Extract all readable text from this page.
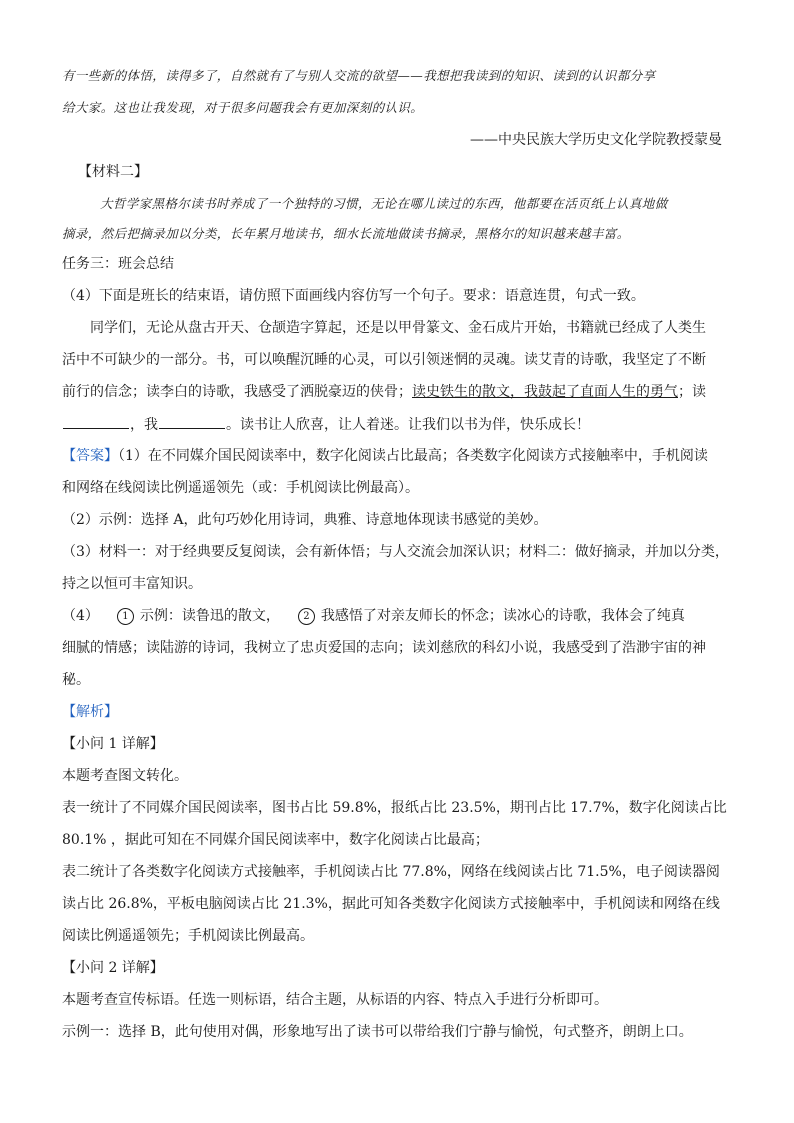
有一些新的体悟，读得多了，自然就有了与别人交流的欲望——我想把我读到的知识、读到的认识都分享
给大家。这也让我发现，对于很多问题我会有更加深刻的认识。
——中央民族大学历史文化学院教授蒙曼
【材料二】
大哲学家黑格尔读书时养成了一个独特的习惯，无论在哪儿读过的东西，他都要在活页纸上认真地做
摘录，然后把摘录加以分类，长年累月地读书，细水长流地做读书摘录，黑格尔的知识越来越丰富。
任务三：班会总结
（4）下面是班长的结束语，请仿照下面画线内容仿写一个句子。要求：语意连贯，句式一致。
同学们，无论从盘古开天、仓颉造字算起，还是以甲骨篆文、金石成片开始，书籍就已经成了人类生
活中不可缺少的一部分。书，可以唤醒沉睡的心灵，可以引领迷惘的灵魂。读艾青的诗歌，我坚定了不断
前行的信念；读李白的诗歌，我感受了洒脱豪迈的侠骨；读史铁生的散文，我鼓起了直面人生的勇气；读
，我	。读书让人欣喜，让人着迷。让我们以书为伴，快乐成长！
【答案】（1）在不同媒介国民阅读率中，数字化阅读占比最高；各类数字化阅读方式接触率中，手机阅读
和网络在线阅读比例遥遥领先（或：手机阅读比例最高）。
（2）示例：选择 A，此句巧妙化用诗词，典雅、诗意地体现读书感觉的美妙。
（3）材料一：对于经典要反复阅读，会有新体悟；与人交流会加深认识；材料二：做好摘录，并加以分类，
持之以恒可丰富知识。
（4） 1 示例：读鲁迅的散文， 2 我感悟了对亲友师长的怀念；读冰心的诗歌，我体会了纯真
细腻的情感；读陆游的诗词，我树立了忠贞爱国的志向；读刘慈欣的科幻小说，我感受到了浩渺宇宙的神
秘。
【解析】
【小问 1 详解】
本题考查图文转化。
表一统计了不同媒介国民阅读率，图书占比 59.8%，报纸占比 23.5%，期刊占比 17.7%，数字化阅读占比
80.1% ，据此可知在不同媒介国民阅读率中，数字化阅读占比最高；
表二统计了各类数字化阅读方式接触率，手机阅读占比 77.8%，网络在线阅读占比 71.5%，电子阅读器阅
读占比 26.8%，平板电脑阅读占比 21.3%，据此可知各类数字化阅读方式接触率中，手机阅读和网络在线
阅读比例遥遥领先；手机阅读比例最高。
【小问 2 详解】
本题考查宣传标语。任选一则标语，结合主题，从标语的内容、特点入手进行分析即可。
示例一：选择 B，此句使用对偶，形象地写出了读书可以带给我们宁静与愉悦，句式整齐，朗朗上口。
